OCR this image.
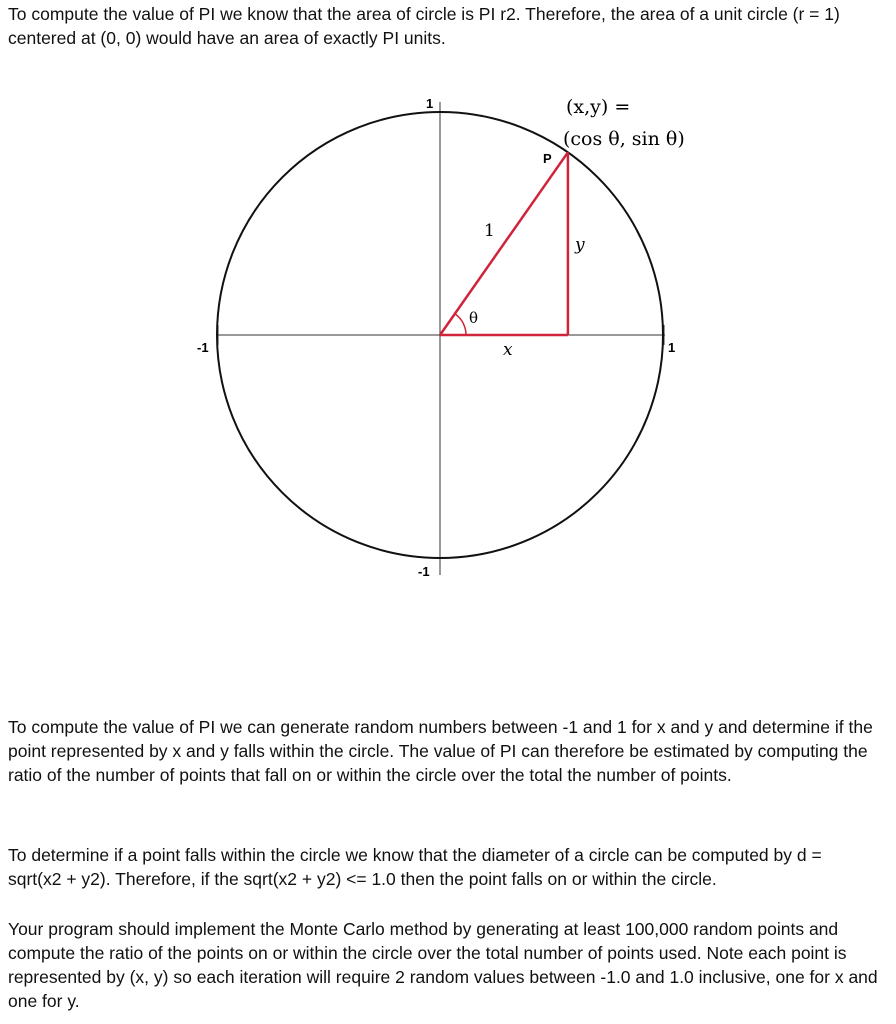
To compute the value of PI we know that the area of circle is PI r2. Therefore, the area of a unit circle (r = 1) centered at (0, 0) would have an area of exactly PI units.

1
-1
-1	1
P
(x,y) =
(cos θ, sin θ)
1
x
y
θ

To compute the value of PI we can generate random numbers between -1 and 1 for x and y and determine if the point represented by x and y falls within the circle. The value of PI can therefore be estimated by computing the ratio of the number of points that fall on or within the circle over the total the number of points.

To determine if a point falls within the circle we know that the diameter of a circle can be computed by d = sqrt(x2 + y2). Therefore, if the sqrt(x2 + y2) <= 1.0 then the point falls on or within the circle.

Your program should implement the Monte Carlo method by generating at least 100,000 random points and compute the ratio of the points on or within the circle over the total number of points used. Note each point is represented by (x, y) so each iteration will require 2 random values between -1.0 and 1.0 inclusive, one for x and one for y.
